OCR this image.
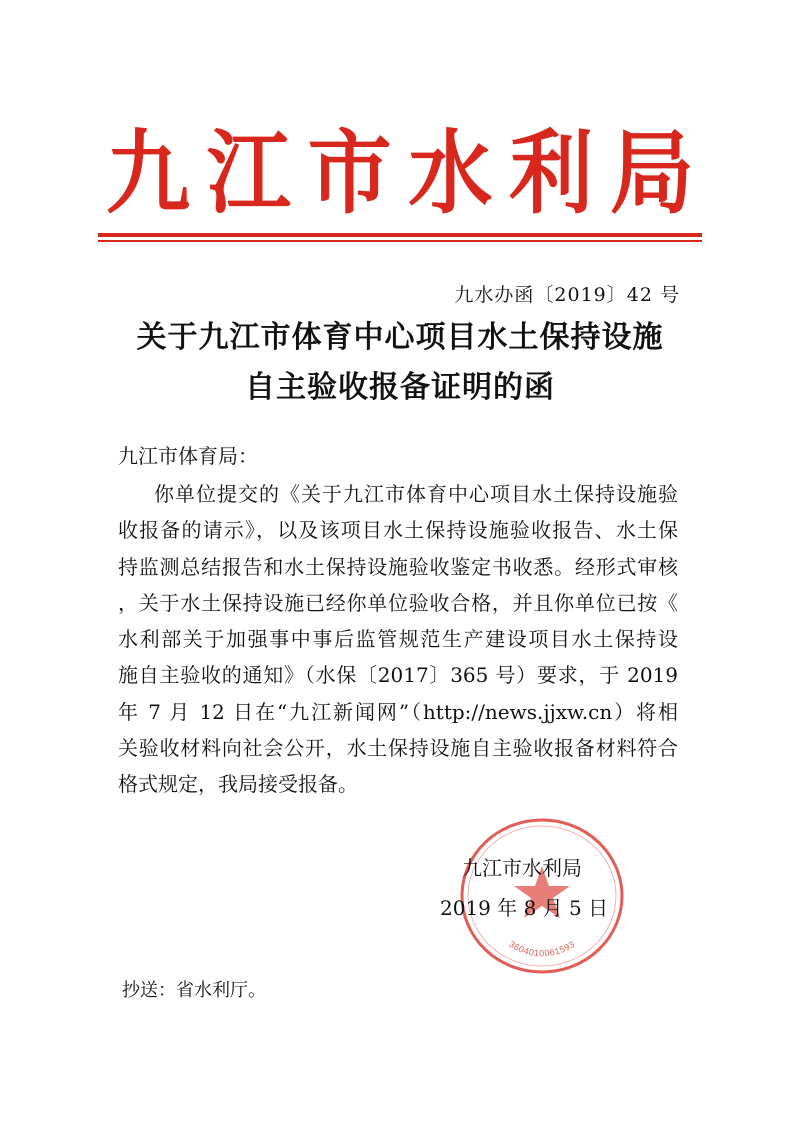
九 江 市 水 利 局
九水办函〔2019〕42 号
关于九江市体育中心项目水土保持设施
自主验收报备证明的函
九江市体育局：
你单位提交的《关于九江市体育中心项目水土保持设施验
收报备的请示》，以及该项目水土保持设施验收报告、水土保
持监测总结报告和水土保持设施验收鉴定书收悉。经形式审核
，关于水土保持设施已经你单位验收合格，并且你单位已按《
水利部关于加强事中事后监管规范生产建设项目水土保持设
施自主验收的通知》（水保〔2017〕365 号）要求，于 2019
年 7 月 12 日在“九江新闻网”（http://news.jjxw.cn）将相
关验收材料向社会公开，水土保持设施自主验收报备材料符合
格式规定，我局接受报备。
3604010061593
九江市水利局
2019 年 8 月 5 日
抄送：省水利厅。
